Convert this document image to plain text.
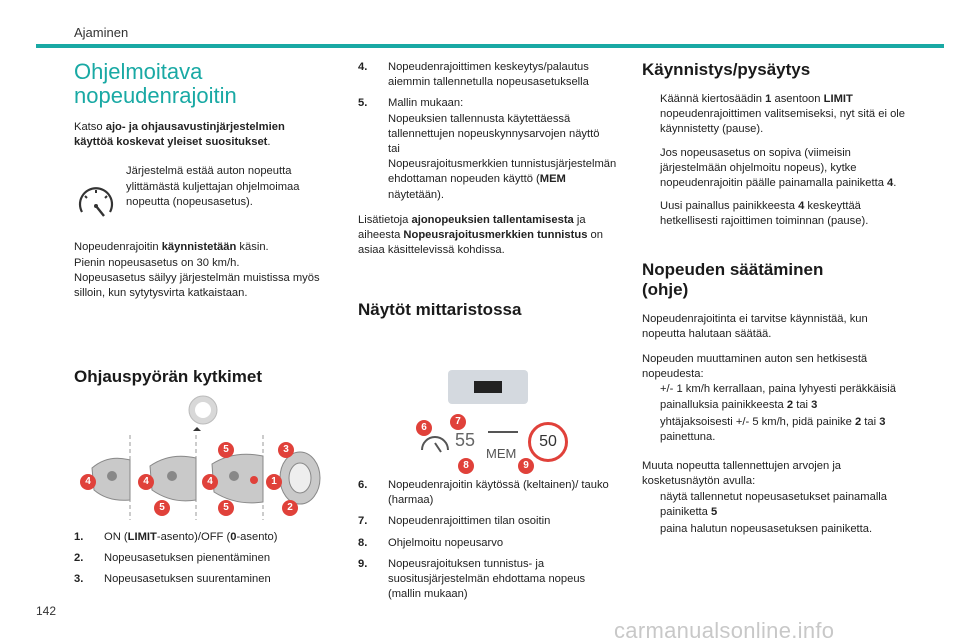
Ajaminen
Ohjelmoitava
nopeudenrajoitin

Katso ajo- ja ohjausavustinjärjestelmien käyttöä koskevat yleiset suositukset.

Järjestelmä estää auton nopeutta ylittämästä kuljettajan ohjelmoimaa nopeutta (nopeusasetus).

Nopeudenrajoitin käynnistetään käsin.
Pienin nopeusasetus on 30 km/h.
Nopeusasetus säilyy järjestelmän muistissa myös silloin, kun sytytysvirta katkaistaan.

Ohjauspyörän kytkimet
4	4	4
5	5
5	3
1
2
1.	ON (LIMIT-asento)/OFF (0-asento)
2.	Nopeusasetuksen pienentäminen
3.	Nopeusasetuksen suurentaminen
4.	Nopeudenrajoittimen keskeytys/palautus aiemmin tallennetulla nopeusasetuksella
5.	Mallin mukaan:
Nopeuksien tallennusta käytettäessä tallennettujen nopeuskynnysarvojen näyttö
tai
Nopeusrajoitusmerkkien tunnistusjärjestelmän ehdottaman nopeuden käyttö (MEM näytetään).

Lisätietoja ajonopeuksien tallentamisesta ja aiheesta Nopeusrajoitusmerkkien tunnistus on asiaa käsittelevissä kohdissa.

Näytöt mittaristossa
55
MEM
50
6
7
8	9
6.	Nopeudenrajoitin käytössä (keltainen)/ tauko (harmaa)
7.	Nopeudenrajoittimen tilan osoitin
8.	Ohjelmoitu nopeusarvo
9.	Nopeusrajoituksen tunnistus- ja suositusjärjestelmän ehdottama nopeus (mallin mukaan)
Käynnistys/pysäytys
Käännä kiertosäädin 1 asentoon LIMIT nopeudenrajoittimen valitsemiseksi, nyt sitä ei ole käynnistetty (pause).
Jos nopeusasetus on sopiva (viimeisin järjestelmään ohjelmoitu nopeus), kytke nopeudenrajoitin päälle painamalla painiketta 4.
Uusi painallus painikkeesta 4 keskeyttää hetkellisesti rajoittimen toiminnan (pause).
Nopeuden säätäminen
(ohje)

Nopeudenrajoitinta ei tarvitse käynnistää, kun nopeutta halutaan säätää.

Nopeuden muuttaminen auton sen hetkisestä nopeudesta:

+/- 1 km/h kerrallaan, paina lyhyesti peräkkäisiä painalluksia painikkeesta 2 tai 3
yhtäjaksoisesti +/- 5 km/h, pidä painike 2 tai 3 painettuna.

Muuta nopeutta tallennettujen arvojen ja kosketusnäytön avulla:

näytä tallennetut nopeusasetukset painamalla painiketta 5
paina halutun nopeusasetuksen painiketta.
142
carmanualsonline.info
